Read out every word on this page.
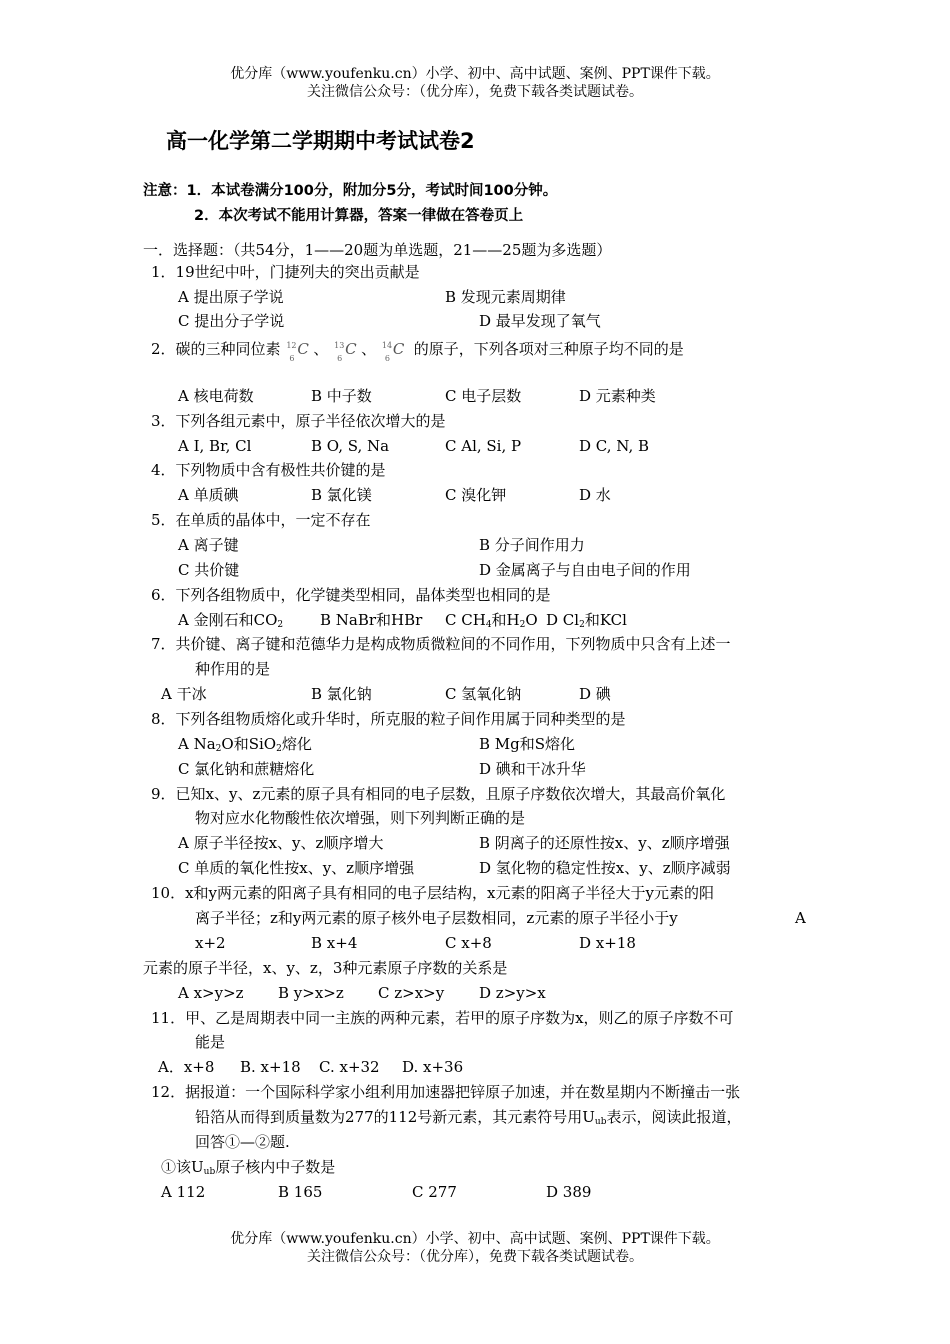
优分库（www.youfenku.cn）小学、初中、高中试题、案例、PPT课件下载。
关注微信公众号：（优分库），免费下载各类试题试卷。
高一化学第二学期期中考试试卷2
注意：1．本试卷满分100分，附加分5分，考试时间100分钟。
2．本次考试不能用计算器，答案一律做在答卷页上
一．选择题：（共54分，1——20题为单选题，21——25题为多选题）
1．19世纪中叶，门捷列夫的突出贡献是
A 提出原子学说	B 发现元素周期律
C 提出分子学说	D 最早发现了氧气
2．碳的三种同位素 12
6
C 、 13
6
C 、 14
6
C 的原子，下列各项对三种原子均不同的是
A 核电荷数	B 中子数	C 电子层数	D 元素种类
3．下列各组元素中，原子半径依次增大的是
A I, Br, Cl	B O, S, Na	C Al, Si, P	D C, N, B
4．下列物质中含有极性共价键的是
A 单质碘	B 氯化镁	C 溴化钾	D 水
5．在单质的晶体中，一定不存在
A 离子键	B 分子间作用力
C 共价键	D 金属离子与自由电子间的作用
6．下列各组物质中，化学键类型相同，晶体类型也相同的是
A 金刚石和$CO_2$ B NaBr和HBr C $CH_4$和$H_2O$ D $Cl_2$和KCl
7．共价键、离子键和范德华力是构成物质微粒间的不同作用，下列物质中只含有上述一
种作用的是
A 干冰	B 氯化钠	C 氢氧化钠	D 碘
8．下列各组物质熔化或升华时，所克服的粒子间作用属于同种类型的是
A $Na_2O$和SiO$_2$熔化	B Mg和S熔化
C 氯化钠和蔗糖熔化	D 碘和干冰升华
9．已知x、y、z元素的原子具有相同的电子层数，且原子序数依次增大，其最高价氧化
物对应水化物酸性依次增强，则下列判断正确的是
A 原子半径按x、y、z顺序增大	B 阴离子的还原性按x、y、z顺序增强
C 单质的氧化性按x、y、z顺序增强	D 氢化物的稳定性按x、y、z顺序减弱
10．x和y两元素的阳离子具有相同的电子层结构，x元素的阳离子半径大于y元素的阳
离子半径；z和y两元素的原子核外电子层数相同，z元素的原子半径小于y	A
x+2	B x+4	C x+8	D x+18
元素的原子半径，x、y、z，3种元素原子序数的关系是
A x>y>z B y>x>z C z>x>y D z>y>x
11．甲、乙是周期表中同一主族的两种元素，若甲的原子序数为x，则乙的原子序数不可
能是
A．x+8 B. x+18 C. x+32 D. x+36
12．据报道：一个国际科学家小组利用加速器把锌原子加速，并在数星期内不断撞击一张
铅箔从而得到质量数为277的112号新元素，其元素符号用$U_{ub}$表示，阅读此报道，
回答①—②题.
①该$U_{ub}$原子核内中子数是
A 112	B 165	C 277	D 389
优分库（www.youfenku.cn）小学、初中、高中试题、案例、PPT课件下载。
关注微信公众号：（优分库），免费下载各类试题试卷。
